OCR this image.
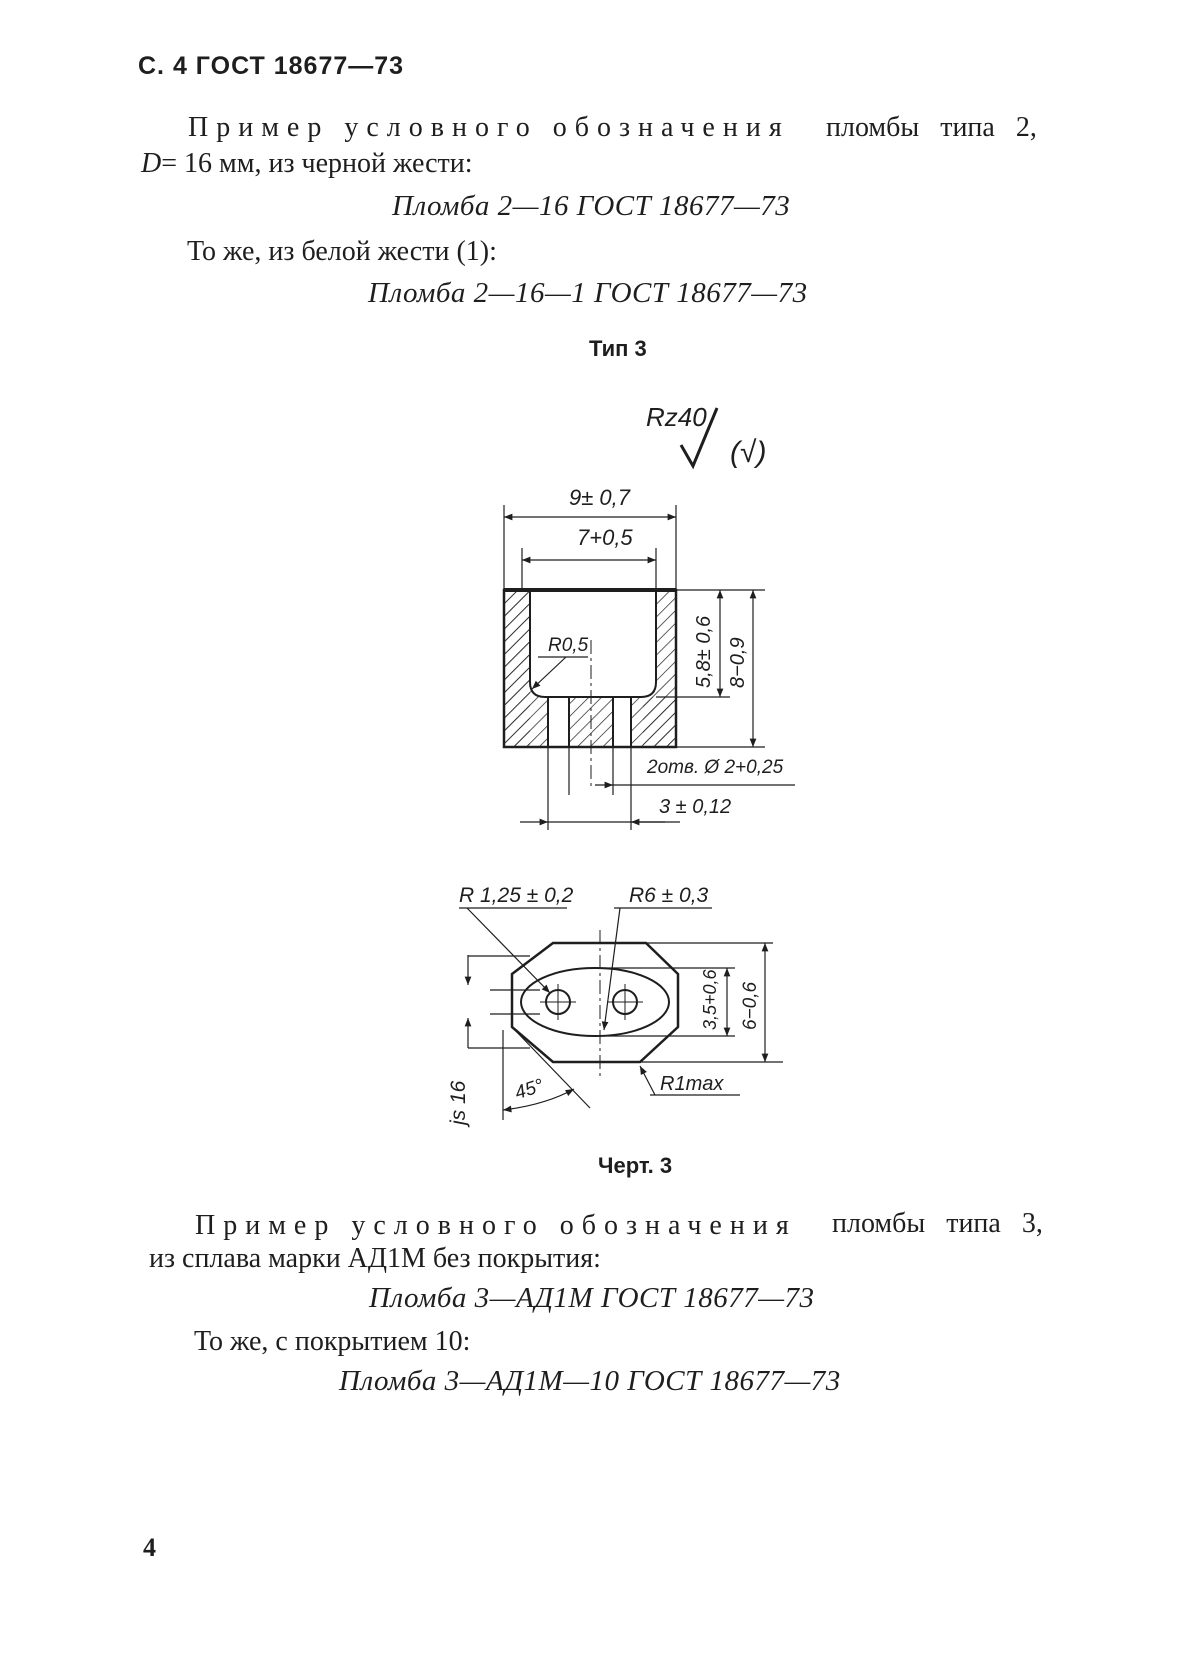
С. 4 ГОСТ 18677—73
Пример условного обозначения пломбы типа 2,
D= 16 мм, из черной жести:
Пломба 2—16 ГОСТ 18677—73
То же, из белой жести (1):
Пломба 2—16—1 ГОСТ 18677—73
Тип 3
Rz40
(√)
9± 0,7
7+0,5
R0,5	5,8± 0,6 8−0,9
2отв. Ø 2+0,25
3 ± 0,12
R 1,25 ± 0,2	R6 ± 0,3
3,5+0,6 6−0,6
R1max
js 16 45°
Черт. 3
Пример условного обозначения пломбы типа 3,
из сплава марки АД1М без покрытия:
Пломба 3—АД1М ГОСТ 18677—73
То же, с покрытием 10:
Пломба 3—АД1М—10 ГОСТ 18677—73
4
